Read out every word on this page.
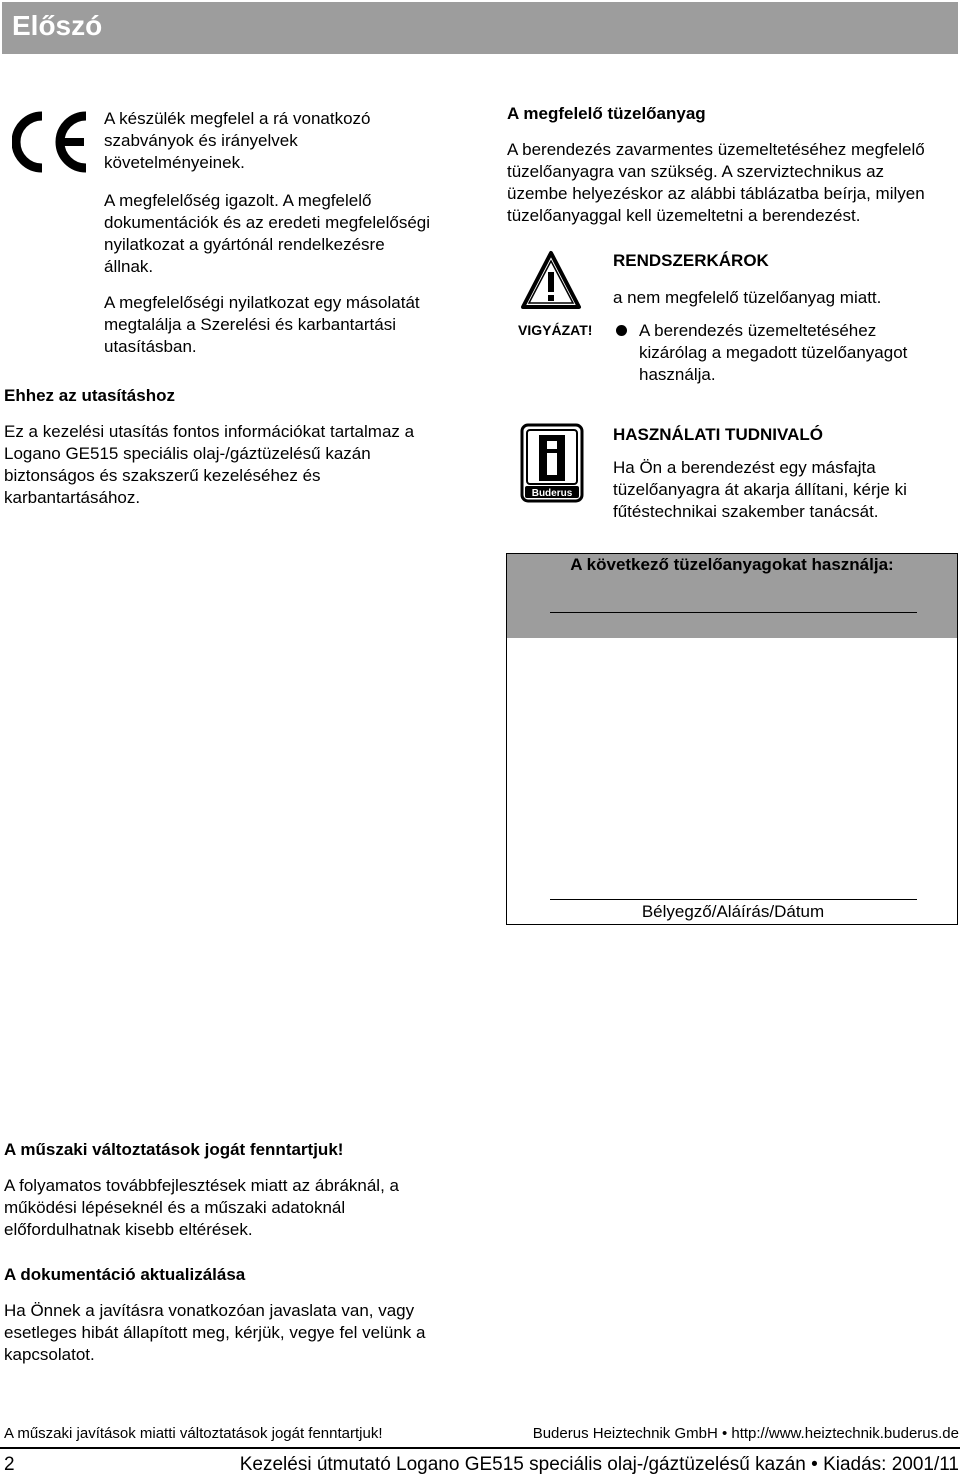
Előszó

A készülék megfelel a rá vonatkozó

szabványok és irányelvek

követelményeinek.

A megfelelőség igazolt. A megfelelő

dokumentációk és az eredeti megfelelőségi

nyilatkozat a gyártónál rendelkezésre

állnak.

A megfelelőségi nyilatkozat egy másolatát

megtalálja a Szerelési és karbantartási

utasításban.

Ehhez az utasításhoz

Ez a kezelési utasítás fontos információkat tartalmaz a

Logano GE515 speciális olaj-/gáztüzelésű kazán

biztonságos és szakszerű kezeléséhez és

karbantartásához.

A megfelelő tüzelőanyag

A berendezés zavarmentes üzemeltetéséhez megfelelő

tüzelőanyagra van szükség. A szerviztechnikus az

üzembe helyezéskor az alábbi táblázatba beírja, milyen

tüzelőanyaggal kell üzemeltetni a berendezést.

VIGYÁZAT!
RENDSZERKÁROK
a nem megfelelő tüzelőanyag miatt.

A berendezés üzemeltetéséhez

kizárólag a megadott tüzelőanyagot

használja.

Buderus
HASZNÁLATI TUDNIVALÓ

Ha Ön a berendezést egy másfajta

tüzelőanyagra át akarja állítani, kérje ki

fűtéstechnikai szakember tanácsát.

A következő tüzelőanyagokat használja:
Bélyegző/Aláírás/Dátum
A műszaki változtatások jogát fenntartjuk!

A folyamatos továbbfejlesztések miatt az ábráknál, a

működési lépéseknél és a műszaki adatoknál

előfordulhatnak kisebb eltérések.

A dokumentáció aktualizálása

Ha Önnek a javításra vonatkozóan javaslata van, vagy

esetleges hibát állapított meg, kérjük, vegye fel velünk a

kapcsolatot.

A műszaki javítások miatti változtatások jogát fenntartjuk!	Buderus Heiztechnik GmbH • http://www.heiztechnik.buderus.de
2	Kezelési útmutató Logano GE515 speciális olaj-/gáztüzelésű kazán • Kiadás: 2001/11
